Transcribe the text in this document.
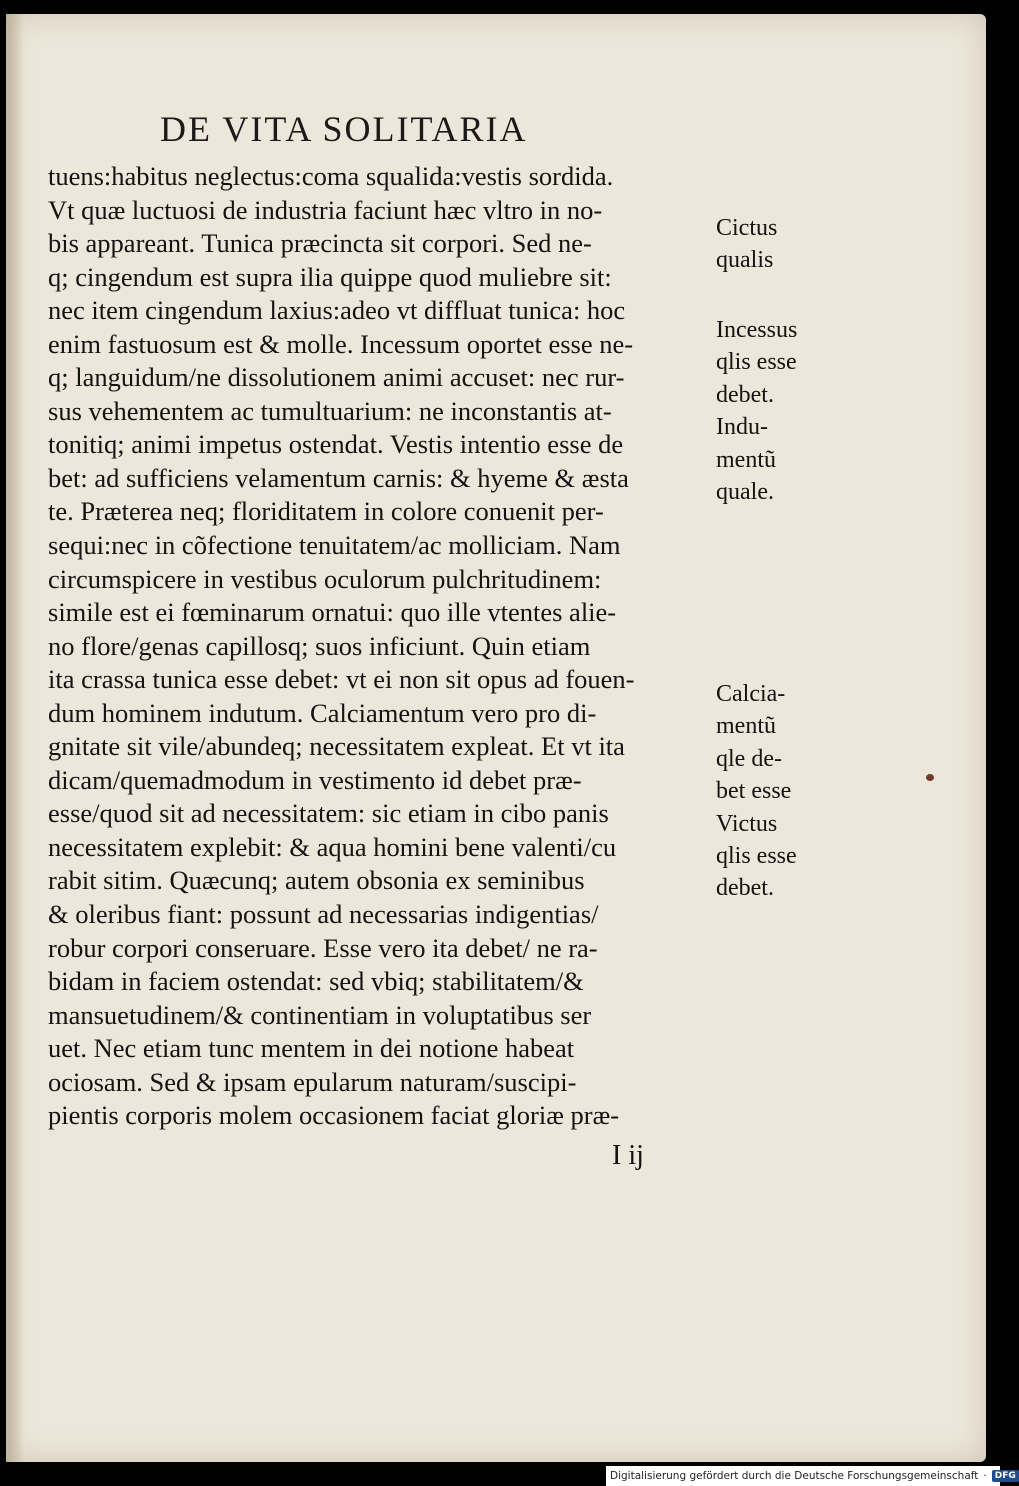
DE VITA SOLITARIA
tuens:habitus neglectus:coma squalida:vestis sordida.
Vt quæ luctuosi de industria faciunt hæc vltro in no-
bis appareant. Tunica præcincta sit corpori. Sed ne-
q; cingendum est supra ilia quippe quod muliebre sit:
nec item cingendum laxius:adeo vt diffluat tunica: hoc
enim fastuosum est & molle. Incessum oportet esse ne-
q; languidum/ne dissolutionem animi accuset: nec rur-
sus vehementem ac tumultuarium: ne inconstantis at-
tonitiq; animi impetus ostendat. Vestis intentio esse de
bet: ad sufficiens velamentum carnis: & hyeme & æsta
te. Præterea neq; floriditatem in colore conuenit per-
sequi:nec in cõfectione tenuitatem/ac molliciam. Nam
circumspicere in vestibus oculorum pulchritudinem:
simile est ei fœminarum ornatui: quo ille vtentes alie-
no flore/genas capillosq; suos inficiunt. Quin etiam
ita crassa tunica esse debet: vt ei non sit opus ad fouen-
dum hominem indutum. Calciamentum vero pro di-
gnitate sit vile/abundeq; necessitatem expleat. Et vt ita
dicam/quemadmodum in vestimento id debet præ-
esse/quod sit ad necessitatem: sic etiam in cibo panis
necessitatem explebit: & aqua homini bene valenti/cu
rabit sitim. Quæcunq; autem obsonia ex seminibus
& oleribus fiant: possunt ad necessarias indigentias/
robur corpori conseruare. Esse vero ita debet/ ne ra-
bidam in faciem ostendat: sed vbiq; stabilitatem/&
mansuetudinem/& continentiam in voluptatibus ser
uet. Nec etiam tunc mentem in dei notione habeat
ociosam. Sed & ipsam epularum naturam/suscipi-
pientis corporis molem occasionem faciat gloriæ præ-
Cictus
qualis
Incessus
qlis esse
debet.
Indu-
mentũ
quale.
Calcia-
mentũ
qle de-
bet esse
Victus
qlis esse
debet.
I ij
Digitalisierung gefördert durch die Deutsche Forschungsgemeinschaft · DFG
